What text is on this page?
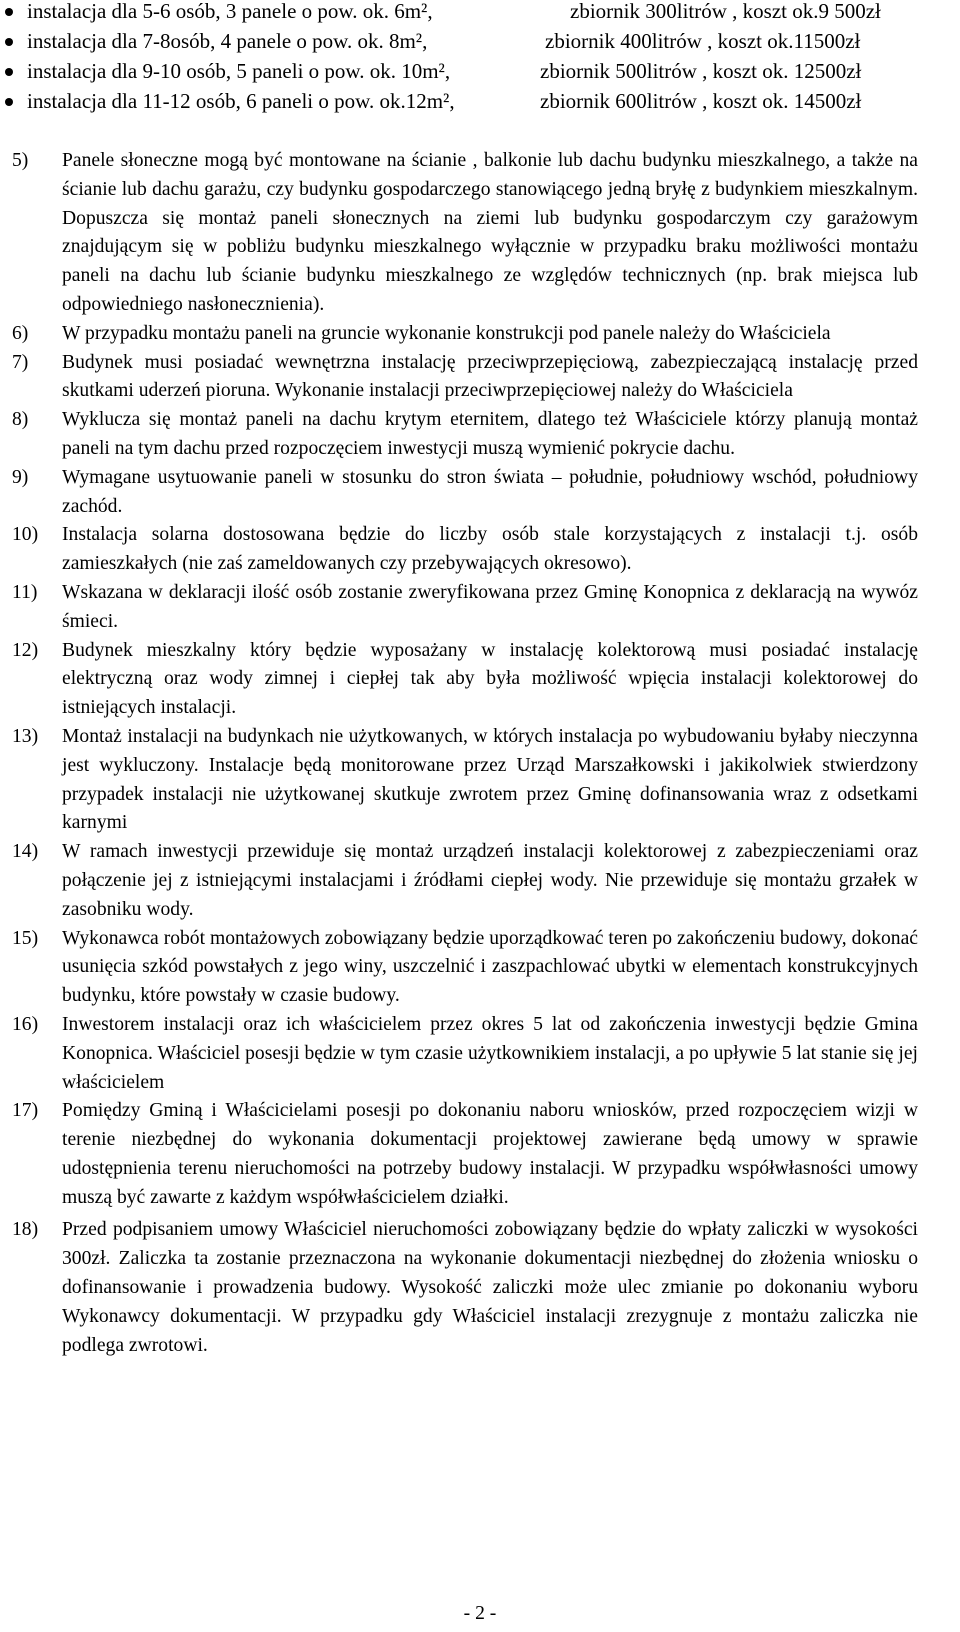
instalacja dla 5-6 osób, 3 panele o pow. ok. 6m²,	zbiornik 300litrów , koszt ok.9 500zł
instalacja dla 7-8osób, 4 panele o pow. ok. 8m²,	zbiornik 400litrów , koszt ok.11500zł
instalacja dla 9-10 osób, 5 paneli o pow. ok. 10m²,	zbiornik 500litrów , koszt ok. 12500zł
instalacja dla 11-12 osób, 6 paneli o pow. ok.12m²,	zbiornik 600litrów , koszt ok. 14500zł
5) Panele słoneczne mogą być montowane na ścianie , balkonie lub dachu budynku mieszkalnego, a także na ścianie lub dachu garażu, czy budynku gospodarczego stanowiącego jedną bryłę z budynkiem mieszkalnym. Dopuszcza się montaż paneli słonecznych na ziemi lub budynku gospodarczym czy garażowym znajdującym się w pobliżu budynku mieszkalnego wyłącznie w przypadku braku możliwości montażu paneli na dachu lub ścianie budynku mieszkalnego ze względów technicznych (np. brak miejsca lub odpowiedniego nasłonecznienia).
6) W przypadku montażu paneli na gruncie wykonanie konstrukcji pod panele należy do Właściciela
7) Budynek musi posiadać wewnętrzna instalację przeciwprzepięciową, zabezpieczającą instalację przed skutkami uderzeń pioruna. Wykonanie instalacji przeciwprzepięciowej należy do Właściciela
8) Wyklucza się montaż paneli na dachu krytym eternitem, dlatego też Właściciele którzy planują montaż paneli na tym dachu przed rozpoczęciem inwestycji muszą wymienić pokrycie dachu.
9) Wymagane usytuowanie paneli w stosunku do stron świata – południe, południowy wschód, południowy zachód.
10) Instalacja solarna dostosowana będzie do liczby osób stale korzystających z instalacji t.j. osób zamieszkałych (nie zaś zameldowanych czy przebywających okresowo).
11) Wskazana w deklaracji ilość osób zostanie zweryfikowana przez Gminę Konopnica z deklaracją na wywóz śmieci.
12) Budynek mieszkalny który będzie wyposażany w instalację kolektorową musi posiadać instalację elektryczną oraz wody zimnej i ciepłej tak aby była możliwość wpięcia instalacji kolektorowej do istniejących instalacji.
13) Montaż instalacji na budynkach nie użytkowanych, w których instalacja po wybudowaniu byłaby nieczynna jest wykluczony. Instalacje będą monitorowane przez Urząd Marszałkowski i jakikolwiek stwierdzony przypadek instalacji nie użytkowanej skutkuje zwrotem przez Gminę dofinansowania wraz z odsetkami karnymi
14) W ramach inwestycji przewiduje się montaż urządzeń instalacji kolektorowej z zabezpieczeniami oraz połączenie jej z istniejącymi instalacjami i źródłami ciepłej wody. Nie przewiduje się montażu grzałek w zasobniku wody.
15) Wykonawca robót montażowych zobowiązany będzie uporządkować teren po zakończeniu budowy, dokonać usunięcia szkód powstałych z jego winy, uszczelnić i zaszpachlować ubytki w elementach konstrukcyjnych budynku, które powstały w czasie budowy.
16) Inwestorem instalacji oraz ich właścicielem przez okres 5 lat od zakończenia inwestycji będzie Gmina Konopnica. Właściciel posesji będzie w tym czasie użytkownikiem instalacji, a po upływie 5 lat stanie się jej właścicielem
17) Pomiędzy Gminą i Właścicielami posesji po dokonaniu naboru wniosków, przed rozpoczęciem wizji w terenie niezbędnej do wykonania dokumentacji projektowej zawierane będą umowy w sprawie udostępnienia terenu nieruchomości na potrzeby budowy instalacji. W przypadku współwłasności umowy muszą być zawarte z każdym współwłaścicielem działki.
18) Przed podpisaniem umowy Właściciel nieruchomości zobowiązany będzie do wpłaty zaliczki w wysokości 300zł. Zaliczka ta zostanie przeznaczona na wykonanie dokumentacji niezbędnej do złożenia wniosku o dofinansowanie i prowadzenia budowy. Wysokość zaliczki może ulec zmianie po dokonaniu wyboru Wykonawcy dokumentacji. W przypadku gdy Właściciel instalacji zrezygnuje z montażu zaliczka nie podlega zwrotowi.
- 2 -
